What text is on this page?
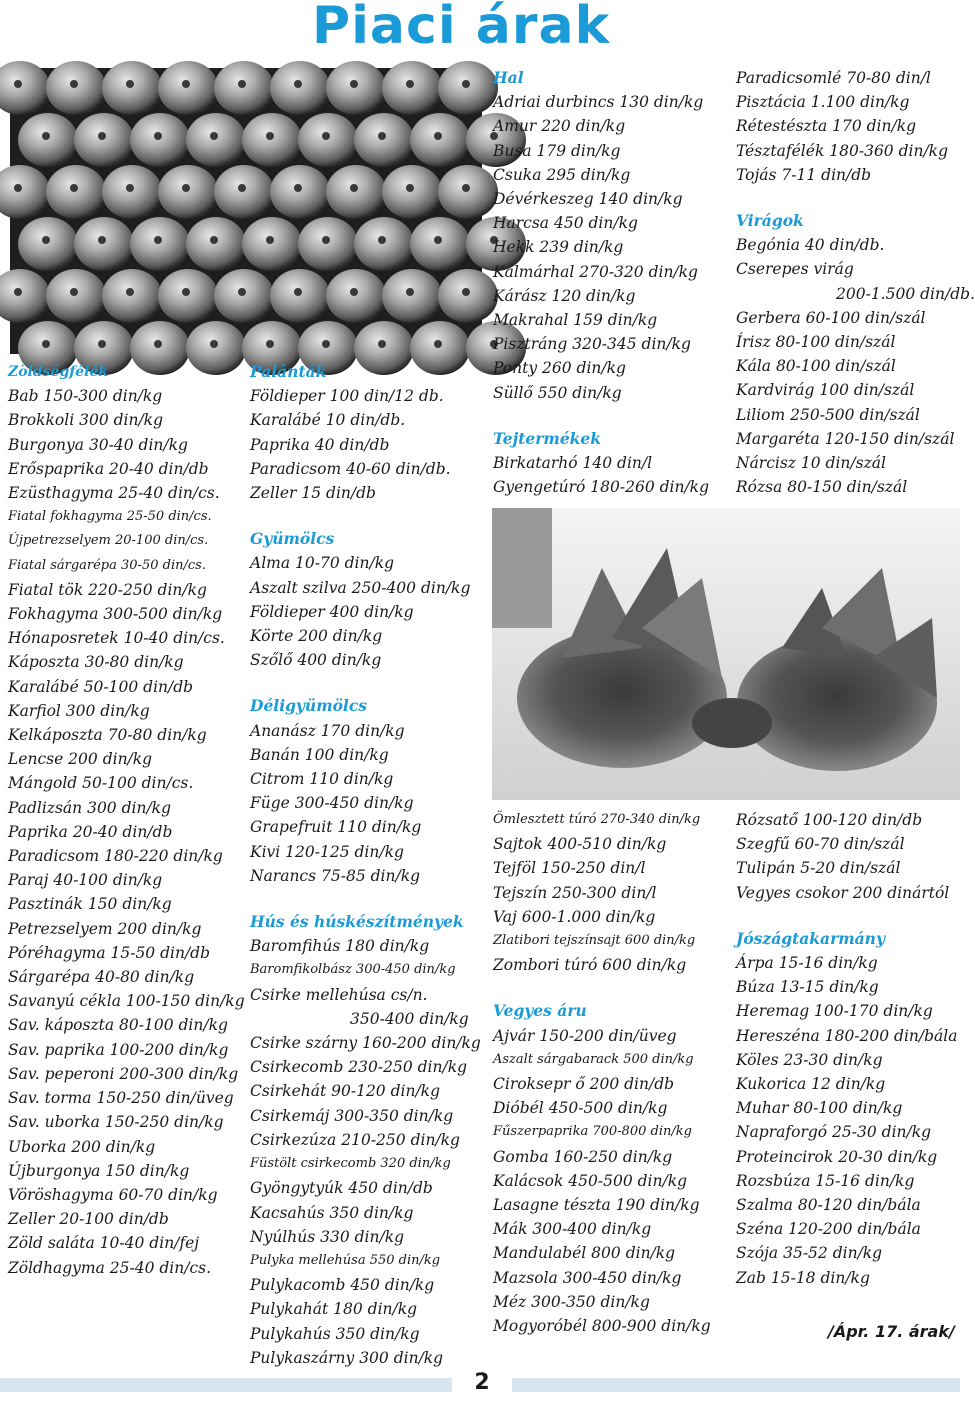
Piaci árak
Zöldségfélék
Bab 150-300 din/kg
Brokkoli 300 din/kg
Burgonya 30-40 din/kg
Erőspaprika 20-40 din/db
Ezüsthagyma 25-40 din/cs.
Fiatal fokhagyma 25-50 din/cs.
Újpetrezselyem 20-100 din/cs.
Fiatal sárgarépa 30-50 din/cs.
Fiatal tök 220-250 din/kg
Fokhagyma 300-500 din/kg
Hónaposretek 10-40 din/cs.
Káposzta 30-80 din/kg
Karalábé 50-100 din/db
Karfiol 300 din/kg
Kelkáposzta 70-80 din/kg
Lencse 200 din/kg
Mángold 50-100 din/cs.
Padlizsán 300 din/kg
Paprika 20-40 din/db
Paradicsom 180-220 din/kg
Paraj 40-100 din/kg
Pasztinák 150 din/kg
Petrezselyem 200 din/kg
Póréhagyma 15-50 din/db
Sárgarépa 40-80 din/kg
Savanyú cékla 100-150 din/kg
Sav. káposzta 80-100 din/kg
Sav. paprika 100-200 din/kg
Sav. peperoni 200-300 din/kg
Sav. torma 150-250 din/üveg
Sav. uborka 150-250 din/kg
Uborka 200 din/kg
Újburgonya 150 din/kg
Vöröshagyma 60-70 din/kg
Zeller 20-100 din/db
Zöld saláta 10-40 din/fej
Zöldhagyma 25-40 din/cs.
Palánták
Földieper 100 din/12 db.
Karalábé 10 din/db.
Paprika 40 din/db
Paradicsom 40-60 din/db.
Zeller 15 din/db
Gyümölcs
Alma 10-70 din/kg
Aszalt szilva 250-400 din/kg
Földieper 400 din/kg
Körte 200 din/kg
Szőlő 400 din/kg
Déligyümölcs
Ananász 170 din/kg
Banán 100 din/kg
Citrom 110 din/kg
Füge 300-450 din/kg
Grapefruit 110 din/kg
Kivi 120-125 din/kg
Narancs 75-85 din/kg
Hús és húskészítmények
Baromfihús 180 din/kg
Baromfikolbász 300-450 din/kg
Csirke mellehúsa cs/n.
350-400 din/kg
Csirke szárny 160-200 din/kg
Csirkecomb 230-250 din/kg
Csirkehát 90-120 din/kg
Csirkemáj 300-350 din/kg
Csirkezúza 210-250 din/kg
Füstölt csirkecomb 320 din/kg
Gyöngytyúk 450 din/db
Kacsahús 350 din/kg
Nyúlhús 330 din/kg
Pulyka mellehúsa 550 din/kg
Pulykacomb 450 din/kg
Pulykahát 180 din/kg
Pulykahús 350 din/kg
Pulykaszárny 300 din/kg
Hal
Adriai durbincs 130 din/kg
Amur 220 din/kg
Busa 179 din/kg
Csuka 295 din/kg
Dévérkeszeg 140 din/kg
Harcsa 450 din/kg
Hekk 239 din/kg
Kalmárhal 270-320 din/kg
Kárász 120 din/kg
Makrahal 159 din/kg
Pisztráng 320-345 din/kg
Ponty 260 din/kg
Süllő 550 din/kg
Tejtermékek
Birkatarhó 140 din/l
Gyengetúró 180-260 din/kg
Ömlesztett túró 270-340 din/kg
Sajtok 400-510 din/kg
Tejföl 150-250 din/l
Tejszín 250-300 din/l
Vaj 600-1.000 din/kg
Zlatibori tejszínsajt 600 din/kg
Zombori túró 600 din/kg
Vegyes áru
Ajvár 150-200 din/üveg
Aszalt sárgabarack 500 din/kg
Ciroksepr ő 200 din/db
Dióbél 450-500 din/kg
Fűszerpaprika 700-800 din/kg
Gomba 160-250 din/kg
Kalácsok 450-500 din/kg
Lasagne tészta 190 din/kg
Mák 300-400 din/kg
Mandulabél 800 din/kg
Mazsola 300-450 din/kg
Méz 300-350 din/kg
Mogyoróbél 800-900 din/kg
Paradicsomlé 70-80 din/l
Pisztácia 1.100 din/kg
Rétestészta 170 din/kg
Tésztafélék 180-360 din/kg
Tojás 7-11 din/db
Virágok
Begónia 40 din/db.
Cserepes virág
200-1.500 din/db.
Gerbera 60-100 din/szál
Írisz 80-100 din/szál
Kála 80-100 din/szál
Kardvirág 100 din/szál
Liliom 250-500 din/szál
Margaréta 120-150 din/szál
Nárcisz 10 din/szál
Rózsa 80-150 din/szál
Rózsatő 100-120 din/db
Szegfű 60-70 din/szál
Tulipán 5-20 din/szál
Vegyes csokor 200 dinártól
Jószágtakarmány
Árpa 15-16 din/kg
Búza 13-15 din/kg
Heremag 100-170 din/kg
Hereszéna 180-200 din/bála
Köles 23-30 din/kg
Kukorica 12 din/kg
Muhar 80-100 din/kg
Napraforgó 25-30 din/kg
Proteincirok 20-30 din/kg
Rozsbúza 15-16 din/kg
Szalma 80-120 din/bála
Széna 120-200 din/bála
Szója 35-52 din/kg
Zab 15-18 din/kg
/Ápr. 17. árak/
2
